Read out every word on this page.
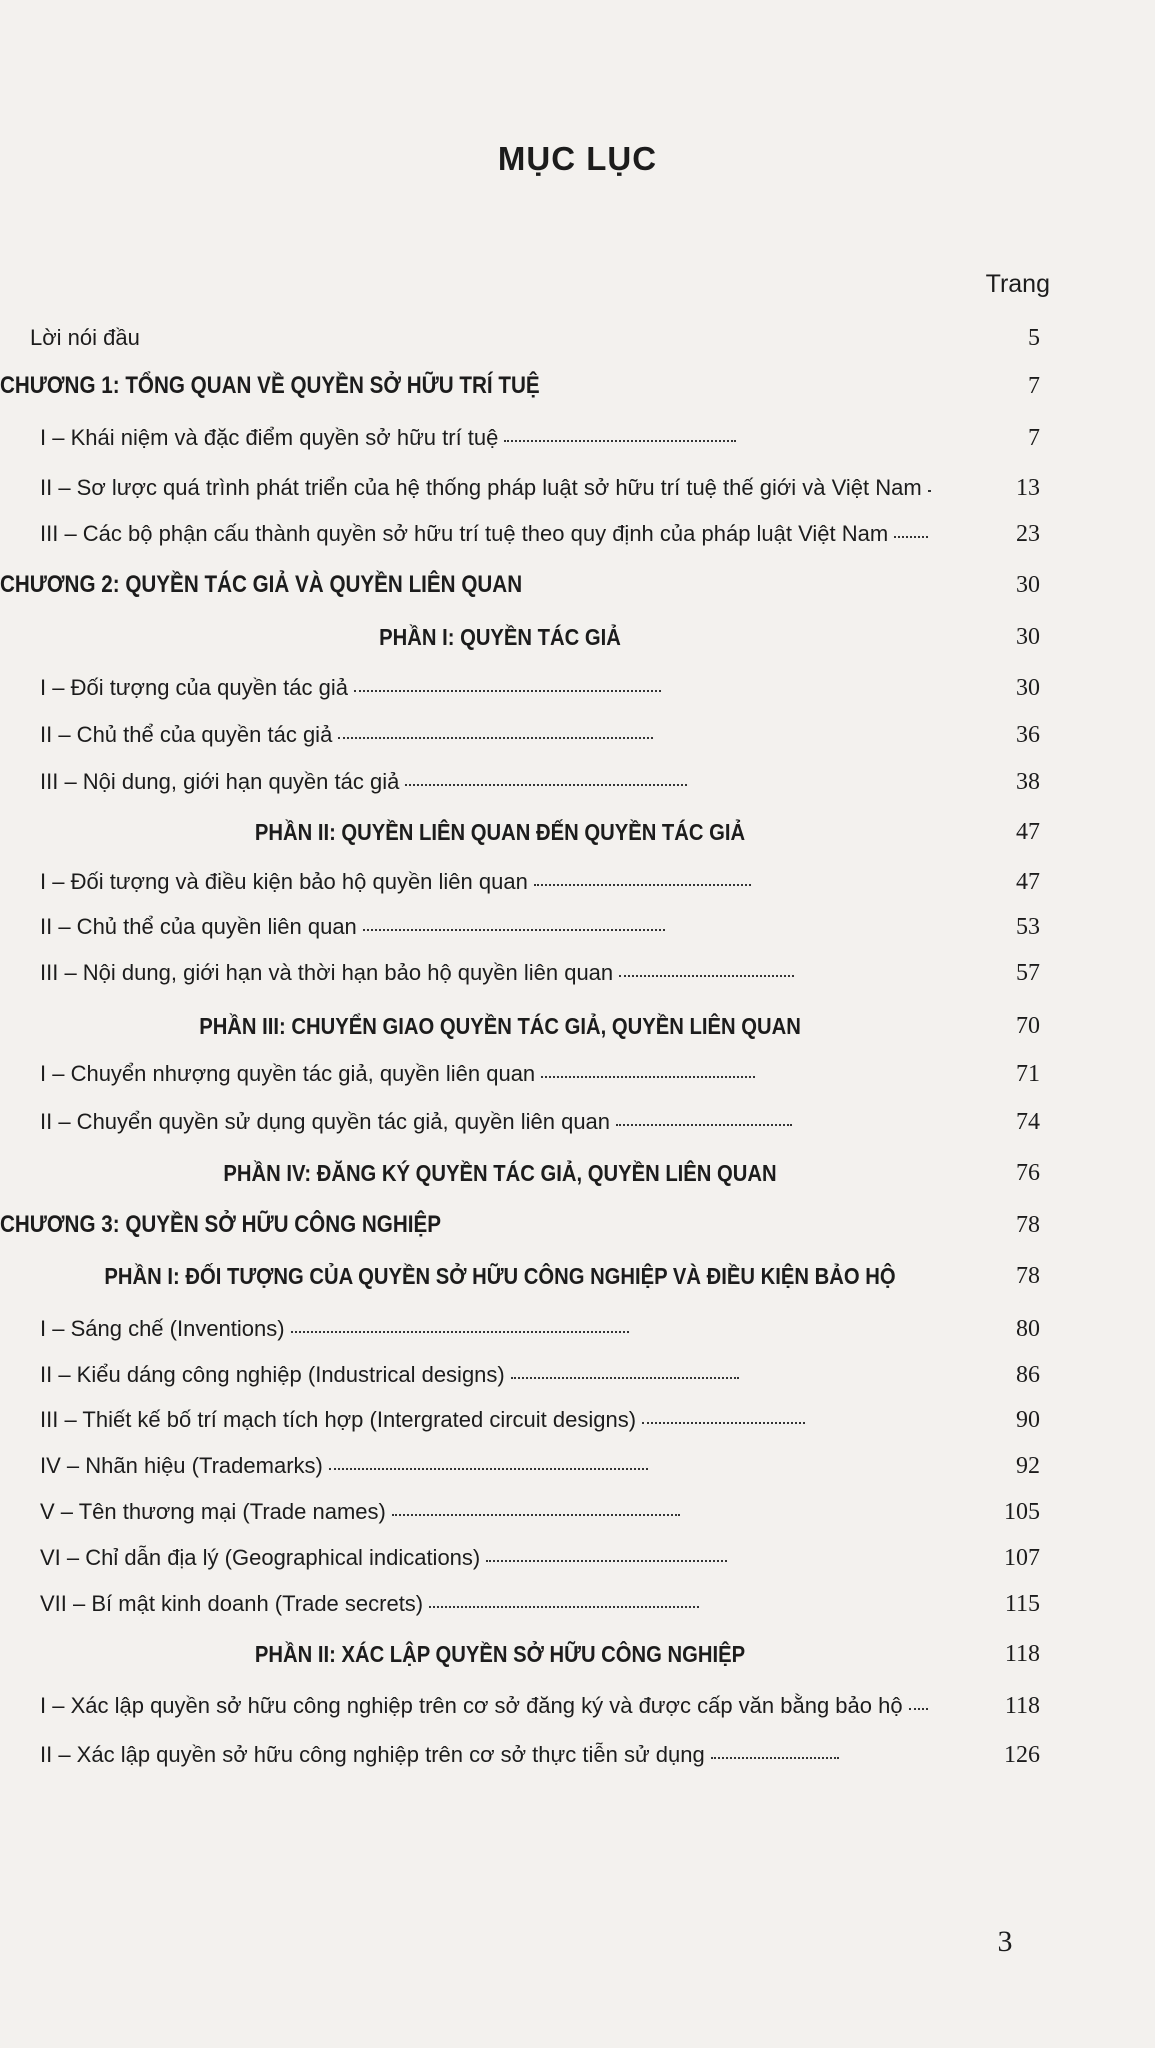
MỤC LỤC
Trang
Lời nói đầu	5
CHƯƠNG 1: TỔNG QUAN VỀ QUYỀN SỞ HỮU TRÍ TUỆ	7
I – Khái niệm và đặc điểm quyền sở hữu trí tuệ	7
II – Sơ lược quá trình phát triển của hệ thống pháp luật sở hữu trí tuệ thế giới và Việt Nam	13
III – Các bộ phận cấu thành quyền sở hữu trí tuệ theo quy định của pháp luật Việt Nam	23
CHƯƠNG 2: QUYỀN TÁC GIẢ VÀ QUYỀN LIÊN QUAN	30
PHẦN I: QUYỀN TÁC GIẢ	30
I – Đối tượng của quyền tác giả	30
II – Chủ thể của quyền tác giả	36
III – Nội dung, giới hạn quyền tác giả	38
PHẦN II: QUYỀN LIÊN QUAN ĐẾN QUYỀN TÁC GIẢ	47
I – Đối tượng và điều kiện bảo hộ quyền liên quan	47
II – Chủ thể của quyền liên quan	53
III – Nội dung, giới hạn và thời hạn bảo hộ quyền liên quan	57
PHẦN III: CHUYỂN GIAO QUYỀN TÁC GIẢ, QUYỀN LIÊN QUAN	70
I – Chuyển nhượng quyền tác giả, quyền liên quan	71
II – Chuyển quyền sử dụng quyền tác giả, quyền liên quan	74
PHẦN IV: ĐĂNG KÝ QUYỀN TÁC GIẢ, QUYỀN LIÊN QUAN	76
CHƯƠNG 3: QUYỀN SỞ HỮU CÔNG NGHIỆP	78
PHẦN I: ĐỐI TƯỢNG CỦA QUYỀN SỞ HỮU CÔNG NGHIỆP VÀ ĐIỀU KIỆN BẢO HỘ	78
I – Sáng chế (Inventions)	80
II – Kiểu dáng công nghiệp (Industrical designs)	86
III – Thiết kế bố trí mạch tích hợp (Intergrated circuit designs)	90
IV – Nhãn hiệu (Trademarks)	92
V – Tên thương mại (Trade names)	105
VI – Chỉ dẫn địa lý (Geographical indications)	107
VII – Bí mật kinh doanh (Trade secrets)	115
PHẦN II: XÁC LẬP QUYỀN SỞ HỮU CÔNG NGHIỆP	118
I – Xác lập quyền sở hữu công nghiệp trên cơ sở đăng ký và được cấp văn bằng bảo hộ	118
II – Xác lập quyền sở hữu công nghiệp trên cơ sở thực tiễn sử dụng	126
3
